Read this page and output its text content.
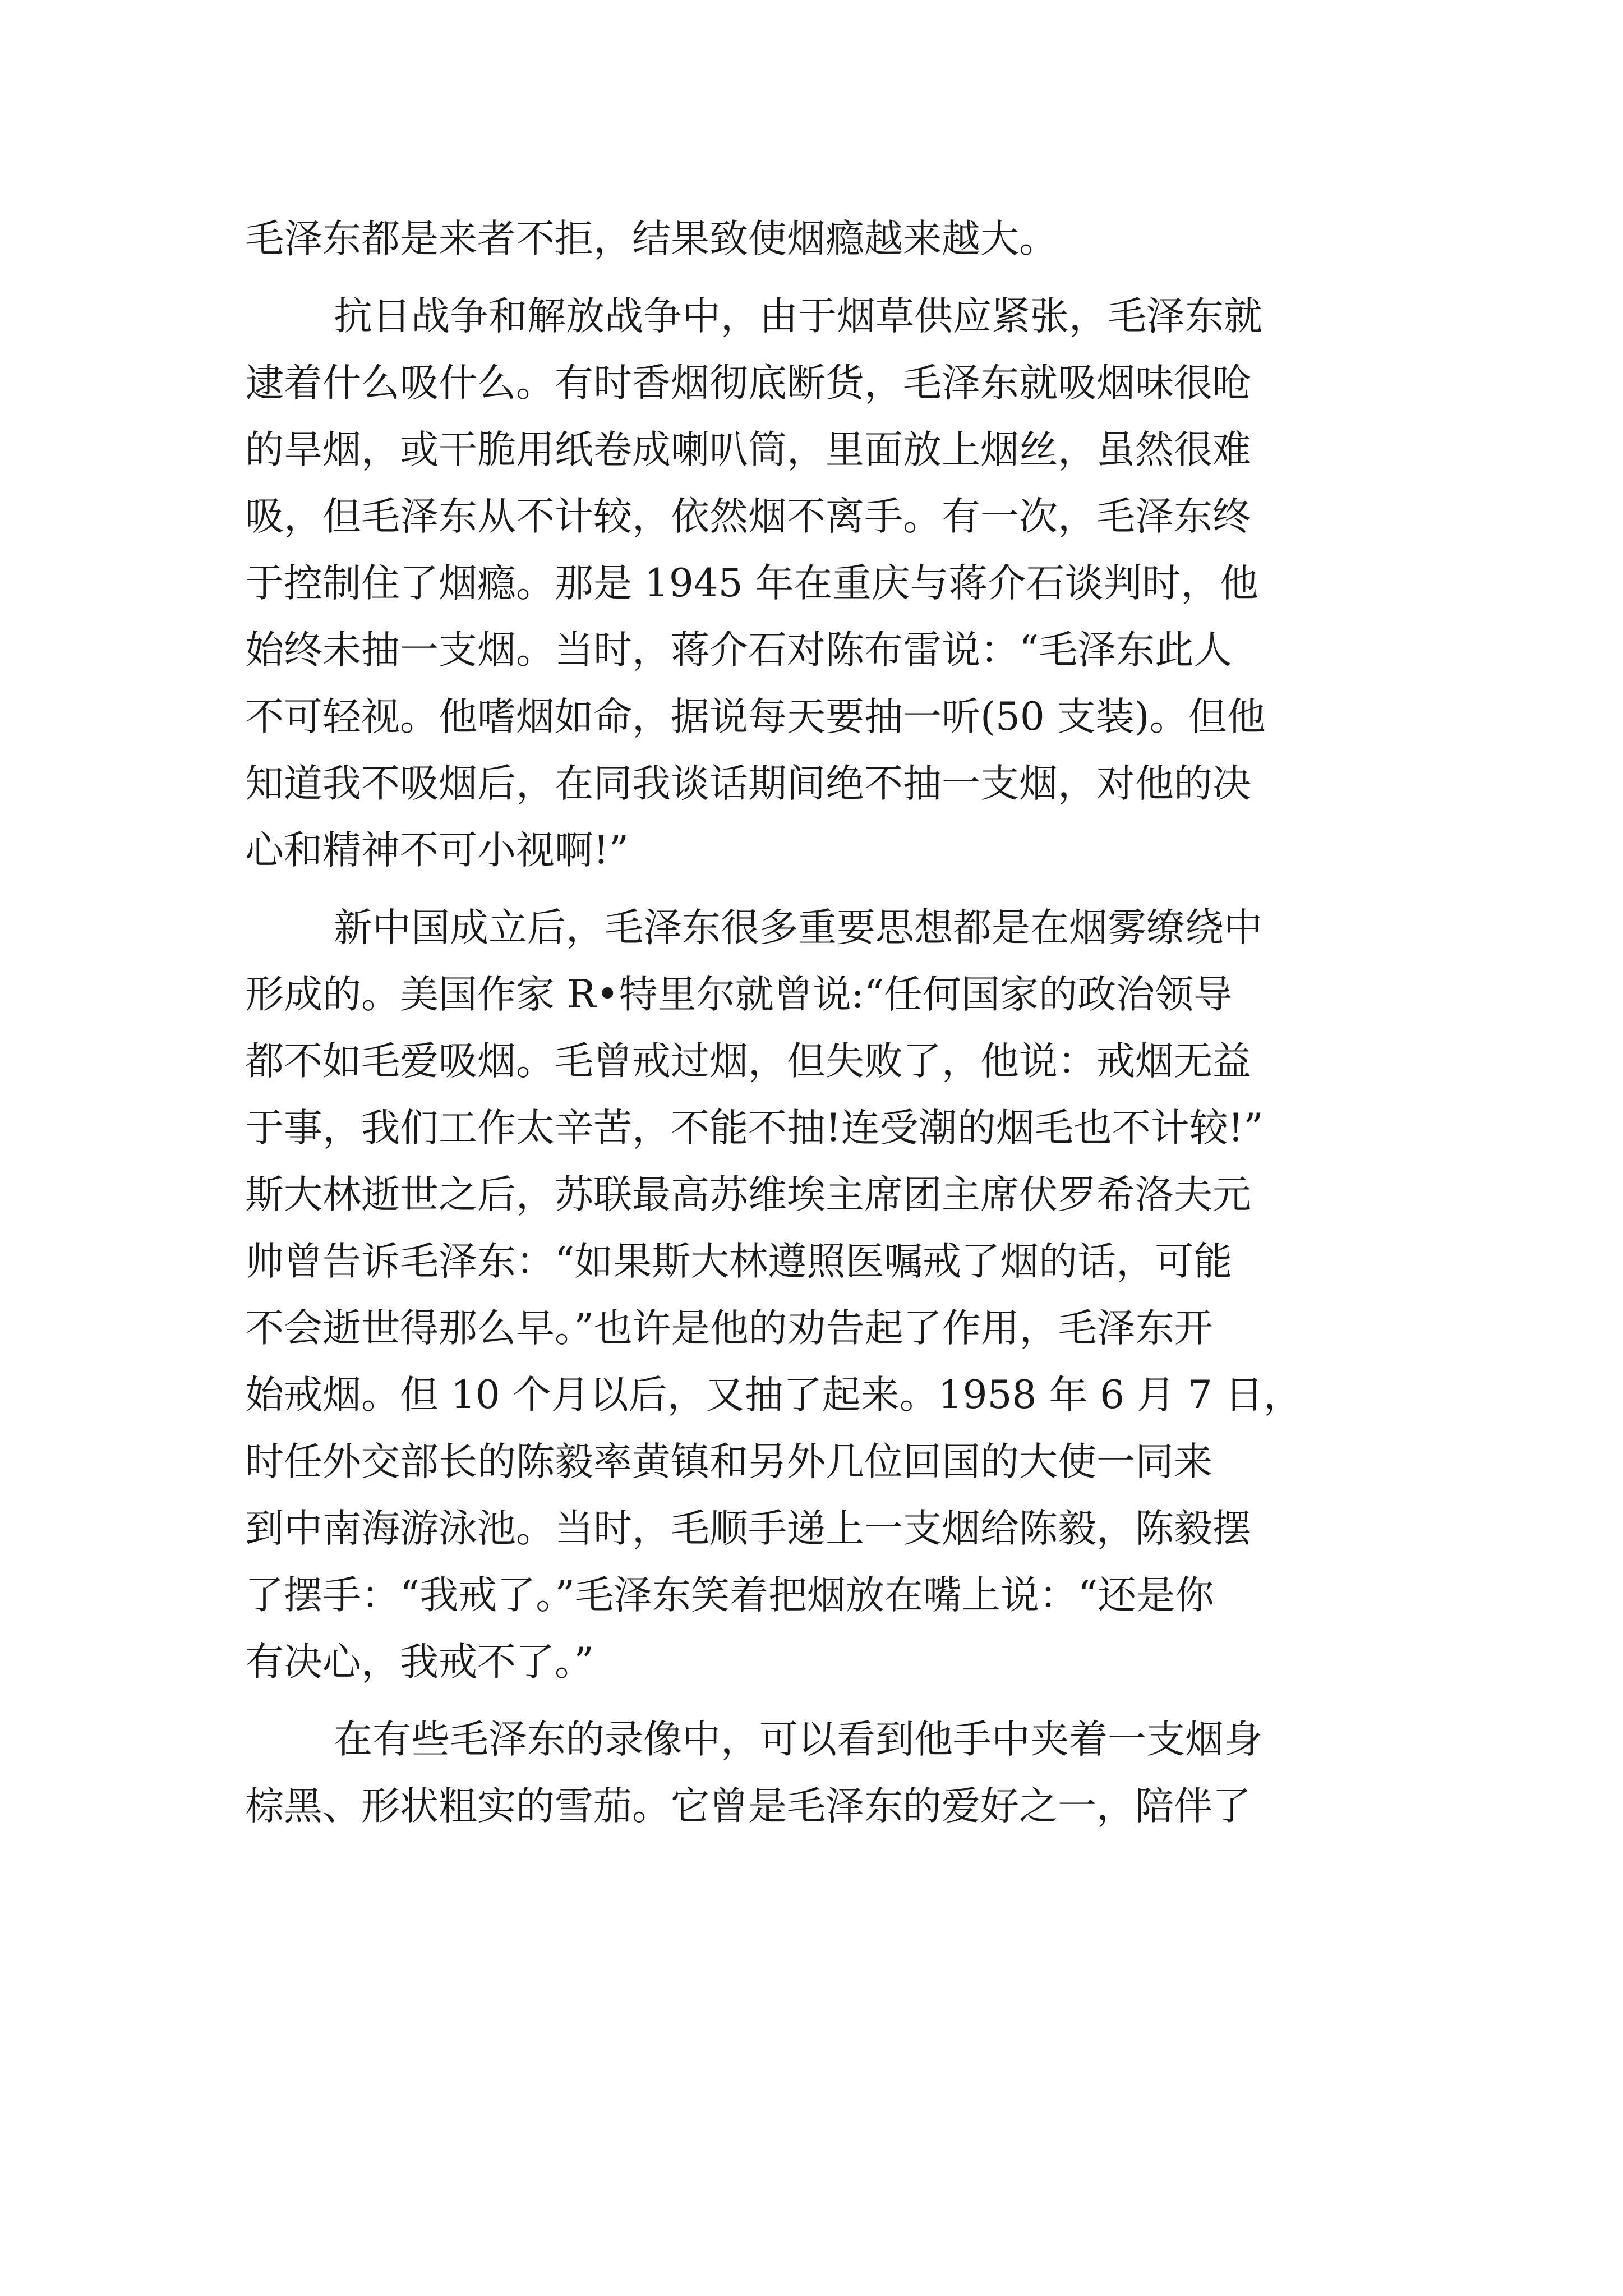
毛泽东都是来者不拒，结果致使烟瘾越来越大。
抗日战争和解放战争中，由于烟草供应紧张，毛泽东就
逮着什么吸什么。有时香烟彻底断货，毛泽东就吸烟味很呛
的旱烟，或干脆用纸卷成喇叭筒，里面放上烟丝，虽然很难
吸，但毛泽东从不计较，依然烟不离手。有一次，毛泽东终
于控制住了烟瘾。那是 1945 年在重庆与蒋介石谈判时，他
始终未抽一支烟。当时，蒋介石对陈布雷说：“毛泽东此人
不可轻视。他嗜烟如命，据说每天要抽一听(50 支装)。但他
知道我不吸烟后，在同我谈话期间绝不抽一支烟，对他的决
心和精神不可小视啊!”
新中国成立后，毛泽东很多重要思想都是在烟雾缭绕中
形成的。美国作家 R•特里尔就曾说:“任何国家的政治领导
都不如毛爱吸烟。毛曾戒过烟，但失败了，他说：戒烟无益
于事，我们工作太辛苦，不能不抽!连受潮的烟毛也不计较!”
斯大林逝世之后，苏联最高苏维埃主席团主席伏罗希洛夫元
帅曾告诉毛泽东：“如果斯大林遵照医嘱戒了烟的话，可能
不会逝世得那么早。”也许是他的劝告起了作用，毛泽东开
始戒烟。但 10 个月以后，又抽了起来。1958 年 6 月 7 日，
时任外交部长的陈毅率黄镇和另外几位回国的大使一同来
到中南海游泳池。当时，毛顺手递上一支烟给陈毅，陈毅摆
了摆手：“我戒了。”毛泽东笑着把烟放在嘴上说：“还是你
有决心，我戒不了。”
在有些毛泽东的录像中，可以看到他手中夹着一支烟身
棕黑、形状粗实的雪茄。它曾是毛泽东的爱好之一，陪伴了
